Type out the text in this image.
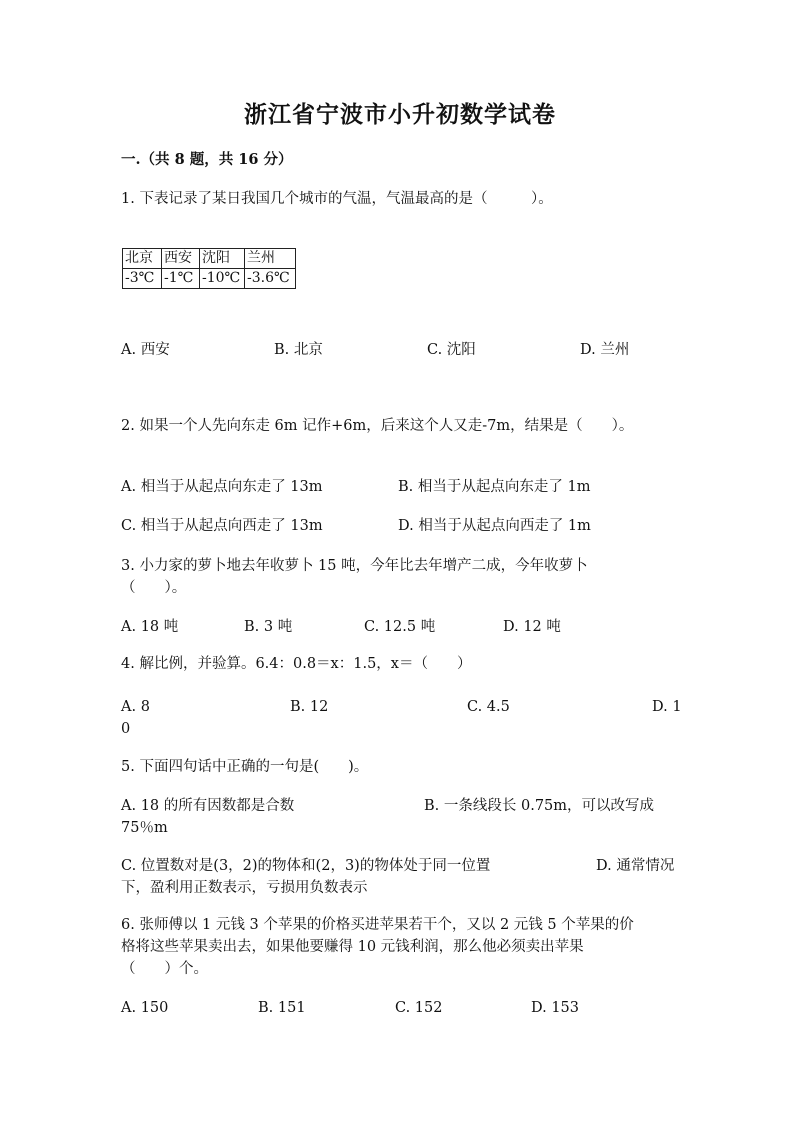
浙江省宁波市小升初数学试卷
一.（共 8 题，共 16 分）
1. 下表记录了某日我国几个城市的气温，气温最高的是（　　　）。
北京	西安	沈阳	兰州
-3℃	-1℃	-10℃	-3.6℃
A. 西安	B. 北京	C. 沈阳	D. 兰州
2. 如果一个人先向东走 6m 记作+6m，后来这个人又走-7m，结果是（　　）。
A. 相当于从起点向东走了 13m	B. 相当于从起点向东走了 1m
C. 相当于从起点向西走了 13m	D. 相当于从起点向西走了 1m
3. 小力家的萝卜地去年收萝卜 15 吨，今年比去年增产二成，今年收萝卜
（　　）。
A. 18 吨	B. 3 吨	C. 12.5 吨	D. 12 吨
4. 解比例，并验算。6.4：0.8＝x：1.5，x＝（　　）
A. 8	B. 12	C. 4.5	D. 1
0
5. 下面四句话中正确的一句是(　　)。
A. 18 的所有因数都是合数	B. 一条线段长 0.75m，可以改写成
75％m
C. 位置数对是(3，2)的物体和(2，3)的物体处于同一位置	D. 通常情况
下，盈利用正数表示，亏损用负数表示
6. 张师傅以 1 元钱 3 个苹果的价格买进苹果若干个，又以 2 元钱 5 个苹果的价
格将这些苹果卖出去，如果他要赚得 10 元钱利润，那么他必须卖出苹果
（　　）个。
A. 150	B. 151	C. 152	D. 153
